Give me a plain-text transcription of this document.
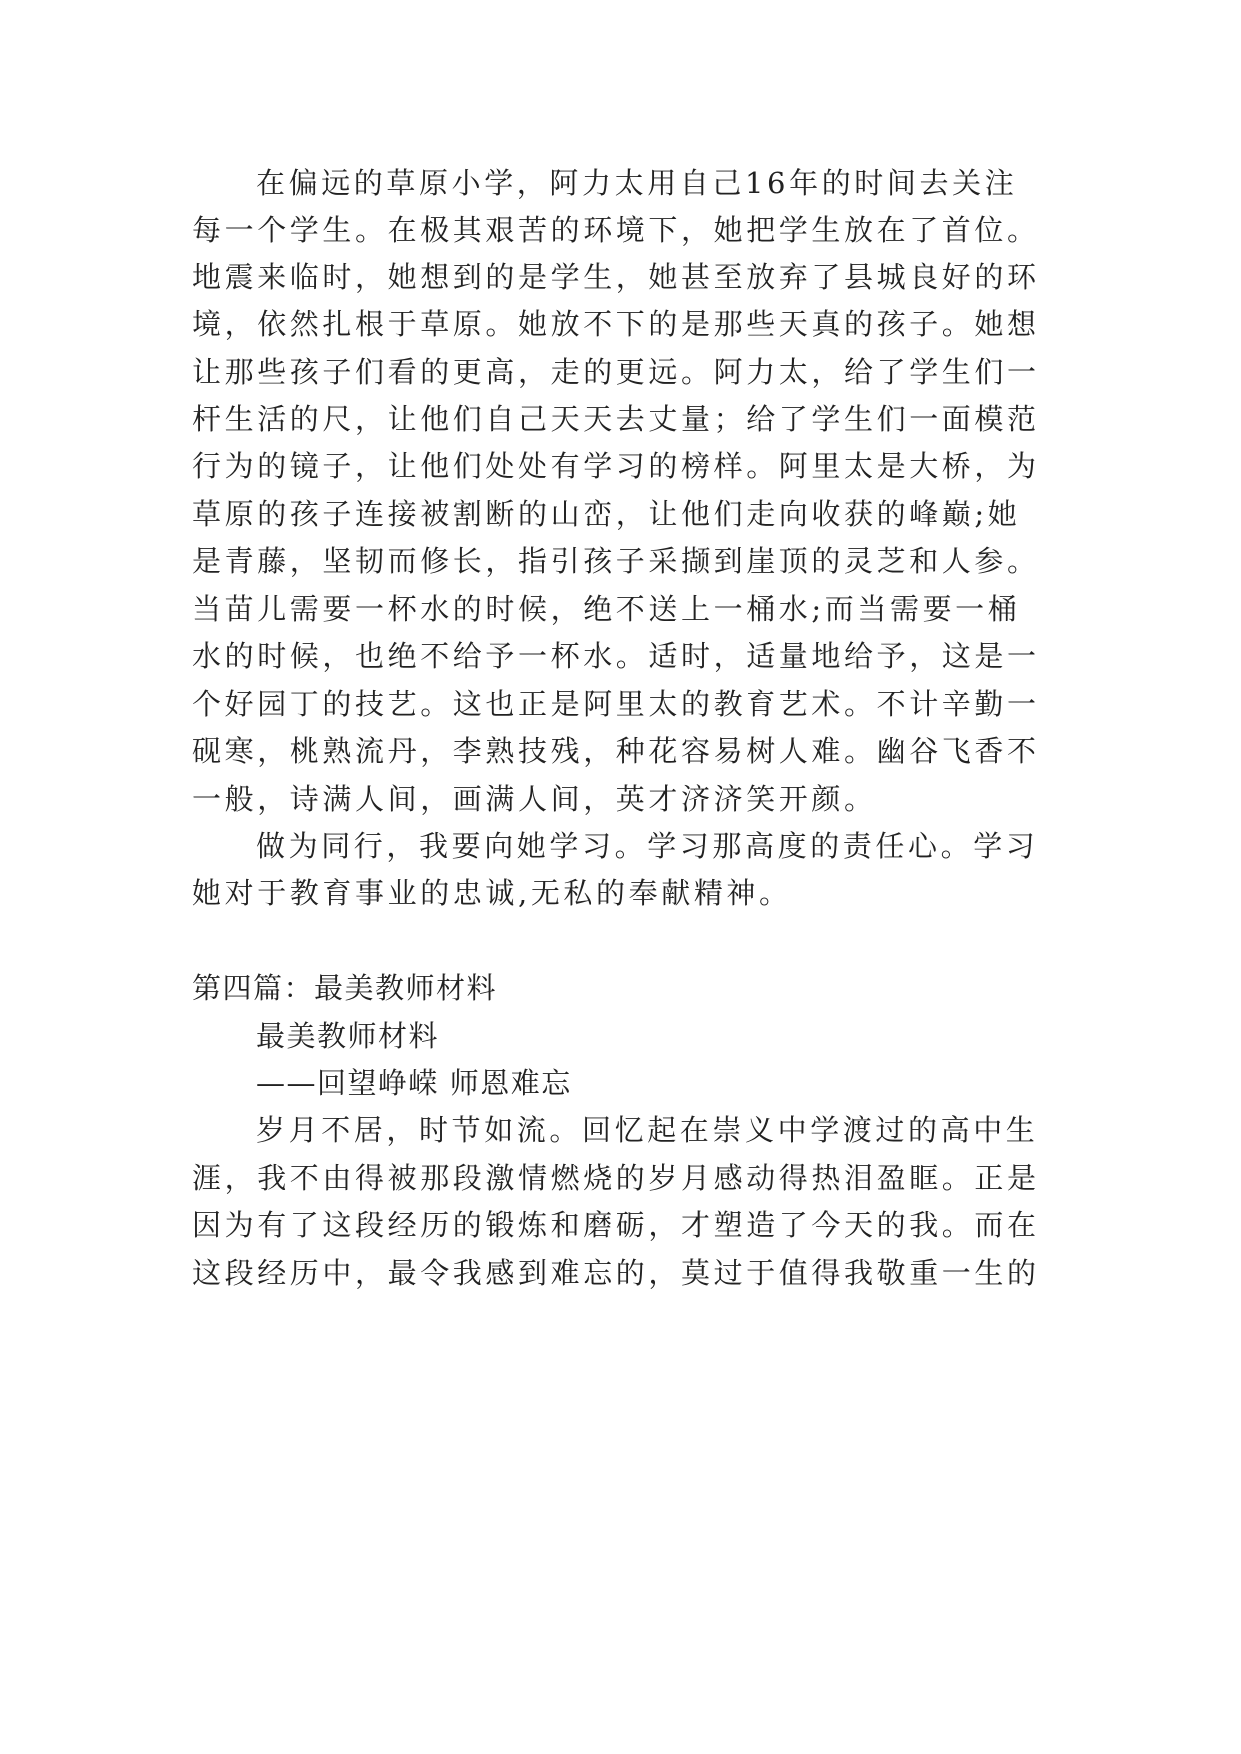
在偏远的草原小学，阿力太用自己16年的时间去关注
每一个学生。在极其艰苦的环境下，她把学生放在了首位。
地震来临时，她想到的是学生，她甚至放弃了县城良好的环
境，依然扎根于草原。她放不下的是那些天真的孩子。她想
让那些孩子们看的更高，走的更远。阿力太，给了学生们一
杆生活的尺，让他们自己天天去丈量；给了学生们一面模范
行为的镜子，让他们处处有学习的榜样。阿里太是大桥，为
草原的孩子连接被割断的山峦，让他们走向收获的峰巅;她
是青藤，坚韧而修长，指引孩子采撷到崖顶的灵芝和人参。
当苗儿需要一杯水的时候，绝不送上一桶水;而当需要一桶
水的时候，也绝不给予一杯水。适时，适量地给予，这是一
个好园丁的技艺。这也正是阿里太的教育艺术。不计辛勤一
砚寒，桃熟流丹，李熟技残，种花容易树人难。幽谷飞香不
一般，诗满人间，画满人间，英才济济笑开颜。
做为同行，我要向她学习。学习那高度的责任心。学习
她对于教育事业的忠诚,无私的奉献精神。
第四篇：最美教师材料
最美教师材料
——回望峥嵘 师恩难忘
岁月不居，时节如流。回忆起在崇义中学渡过的高中生
涯，我不由得被那段激情燃烧的岁月感动得热泪盈眶。正是
因为有了这段经历的锻炼和磨砺，才塑造了今天的我。而在
这段经历中，最令我感到难忘的，莫过于值得我敬重一生的
